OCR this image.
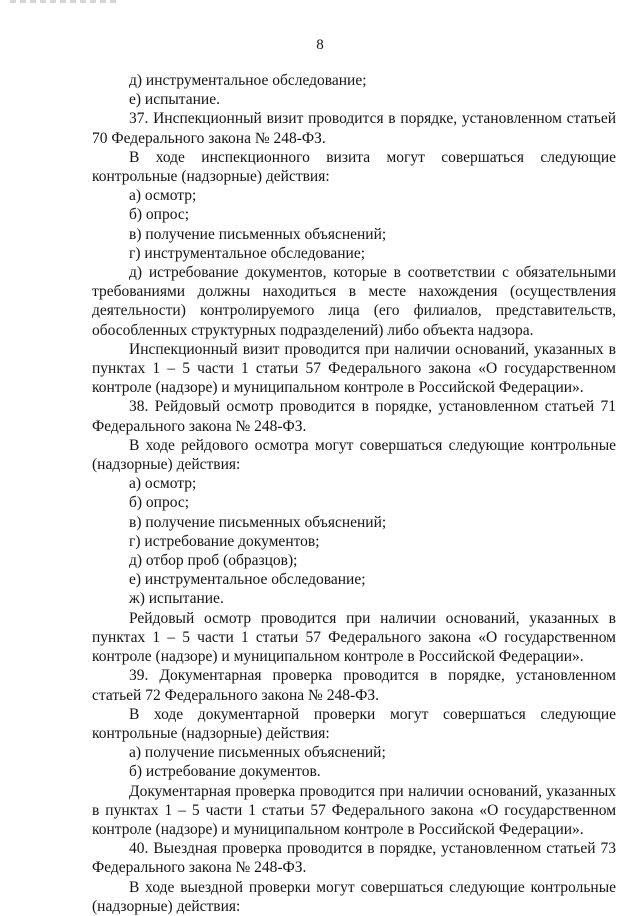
8

д) инструментальное обследование;

е) испытание.

37. Инспекционный визит проводится в порядке, установленном статьей 70 Федерального закона № 248-ФЗ.

В ходе инспекционного визита могут совершаться следующие контрольные (надзорные) действия:

а) осмотр;

б) опрос;

в) получение письменных объяснений;

г) инструментальное обследование;

д) истребование документов, которые в соответствии с обязательными требованиями должны находиться в месте нахождения (осуществления деятельности) контролируемого лица (его филиалов, представительств, обособленных структурных подразделений) либо объекта надзора.

Инспекционный визит проводится при наличии оснований, указанных в пунктах 1 – 5 части 1 статьи 57 Федерального закона «О государственном контроле (надзоре) и муниципальном контроле в Российской Федерации».

38. Рейдовый осмотр проводится в порядке, установленном статьей 71 Федерального закона № 248-ФЗ.

В ходе рейдового осмотра могут совершаться следующие контрольные (надзорные) действия:

а) осмотр;

б) опрос;

в) получение письменных объяснений;

г) истребование документов;

д) отбор проб (образцов);

е) инструментальное обследование;

ж) испытание.

Рейдовый осмотр проводится при наличии оснований, указанных в пунктах 1 – 5 части 1 статьи 57 Федерального закона «О государственном контроле (надзоре) и муниципальном контроле в Российской Федерации».

39. Документарная проверка проводится в порядке, установленном статьей 72 Федерального закона № 248-ФЗ.

В ходе документарной проверки могут совершаться следующие контрольные (надзорные) действия:

а) получение письменных объяснений;

б) истребование документов.

Документарная проверка проводится при наличии оснований, указанных в пунктах 1 – 5 части 1 статьи 57 Федерального закона «О государственном контроле (надзоре) и муниципальном контроле в Российской Федерации».

40. Выездная проверка проводится в порядке, установленном статьей 73 Федерального закона № 248-ФЗ.

В ходе выездной проверки могут совершаться следующие контрольные (надзорные) действия:
